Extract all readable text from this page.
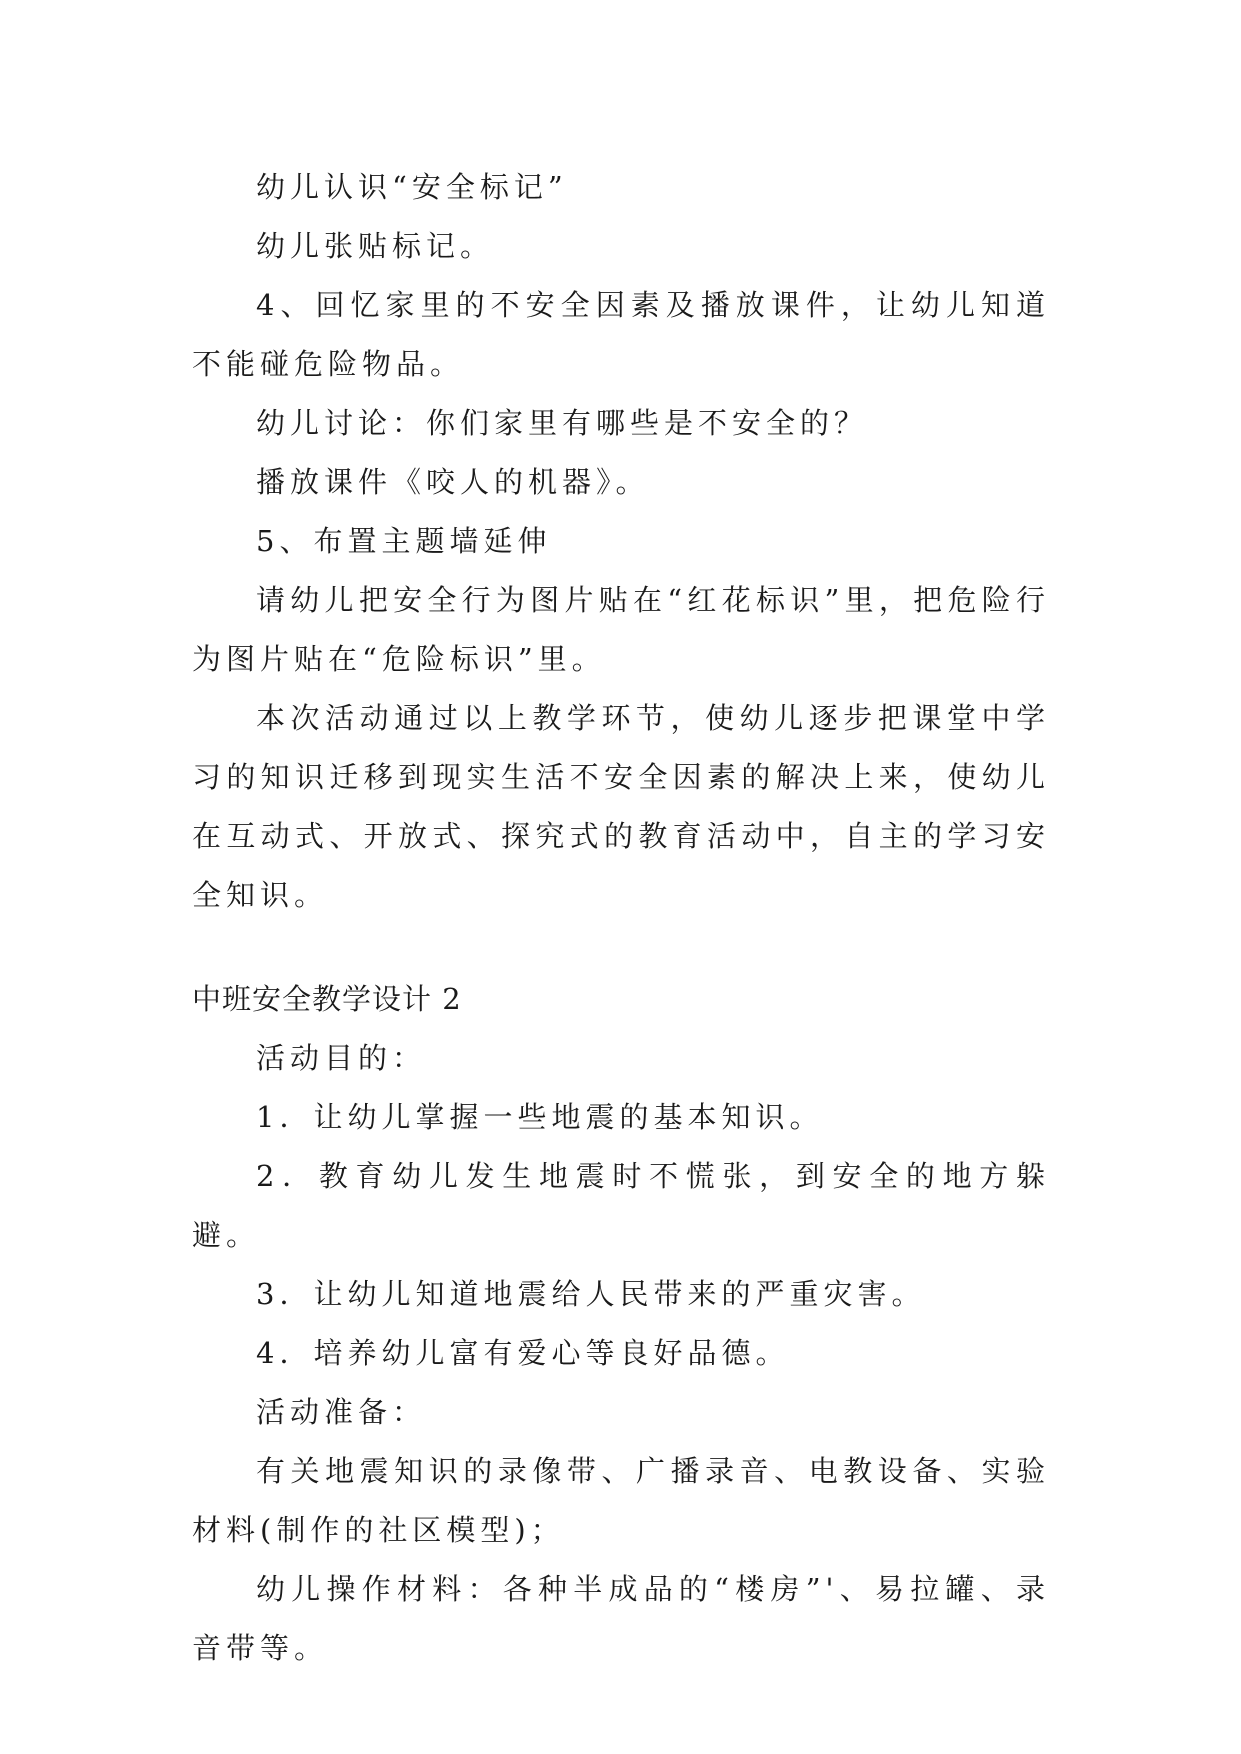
幼儿认识“安全标记”

幼儿张贴标记。

4、回忆家里的不安全因素及播放课件，让幼儿知道不能碰危险物品。

幼儿讨论：你们家里有哪些是不安全的？

播放课件《咬人的机器》。

5、布置主题墙延伸

请幼儿把安全行为图片贴在“红花标识”里，把危险行为图片贴在“危险标识”里。

本次活动通过以上教学环节，使幼儿逐步把课堂中学习的知识迁移到现实生活不安全因素的解决上来，使幼儿在互动式、开放式、探究式的教育活动中，自主的学习安全知识。

中班安全教学设计 2

活动目的：

1．让幼儿掌握一些地震的基本知识。

2．教育幼儿发生地震时不慌张，到安全的地方躲避。

3．让幼儿知道地震给人民带来的严重灾害。

4．培养幼儿富有爱心等良好品德。

活动准备：

有关地震知识的录像带、广播录音、电教设备、实验材料(制作的社区模型)；

幼儿操作材料：各种半成品的“楼房”'、易拉罐、录音带等。
